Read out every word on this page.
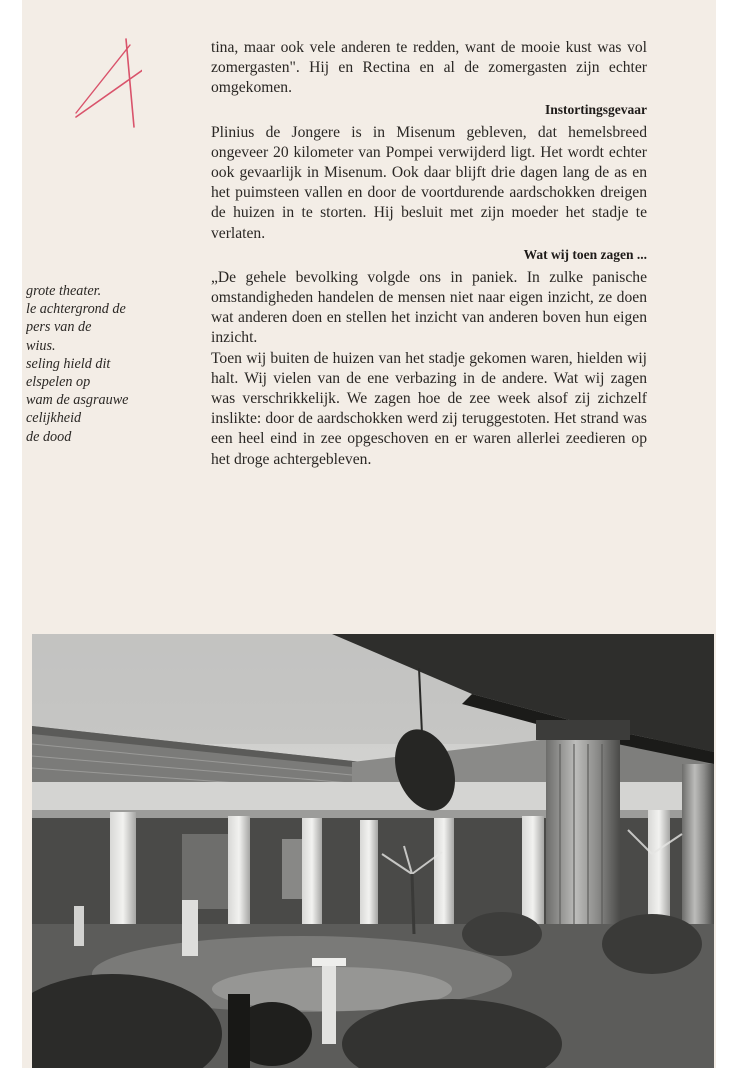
tina, maar ook vele anderen te redden, want de mooie kust was vol zomergasten". Hij en Rectina en al de zomergasten zijn echter omgekomen.

Instortingsgevaar

Plinius de Jongere is in Misenum gebleven, dat hemelsbreed ongeveer 20 kilometer van Pompei verwijderd ligt. Het wordt echter ook gevaarlijk in Misenum. Ook daar blijft drie dagen lang de as en het puimsteen vallen en door de voortdurende aardschokken dreigen de huizen in te storten. Hij besluit met zijn moeder het stadje te verlaten.

Wat wij toen zagen ...

„De gehele bevolking volgde ons in paniek. In zulke panische omstandigheden handelen de mensen niet naar eigen inzicht, ze doen wat anderen doen en stellen het inzicht van anderen boven hun eigen inzicht.

Toen wij buiten de huizen van het stadje gekomen waren, hielden wij halt. Wij vielen van de ene verbazing in de andere. Wat wij zagen was verschrikkelijk. We zagen hoe de zee week alsof zij zichzelf inslikte: door de aardschokken werd zij teruggestoten. Het strand was een heel eind in zee opgeschoven en er waren allerlei zeedieren op het droge achtergebleven.

grote theater.
le achtergrond de
pers van de
wius.
seling hield dit
elspelen op
wam de asgrauwe
celijkheid
de dood
